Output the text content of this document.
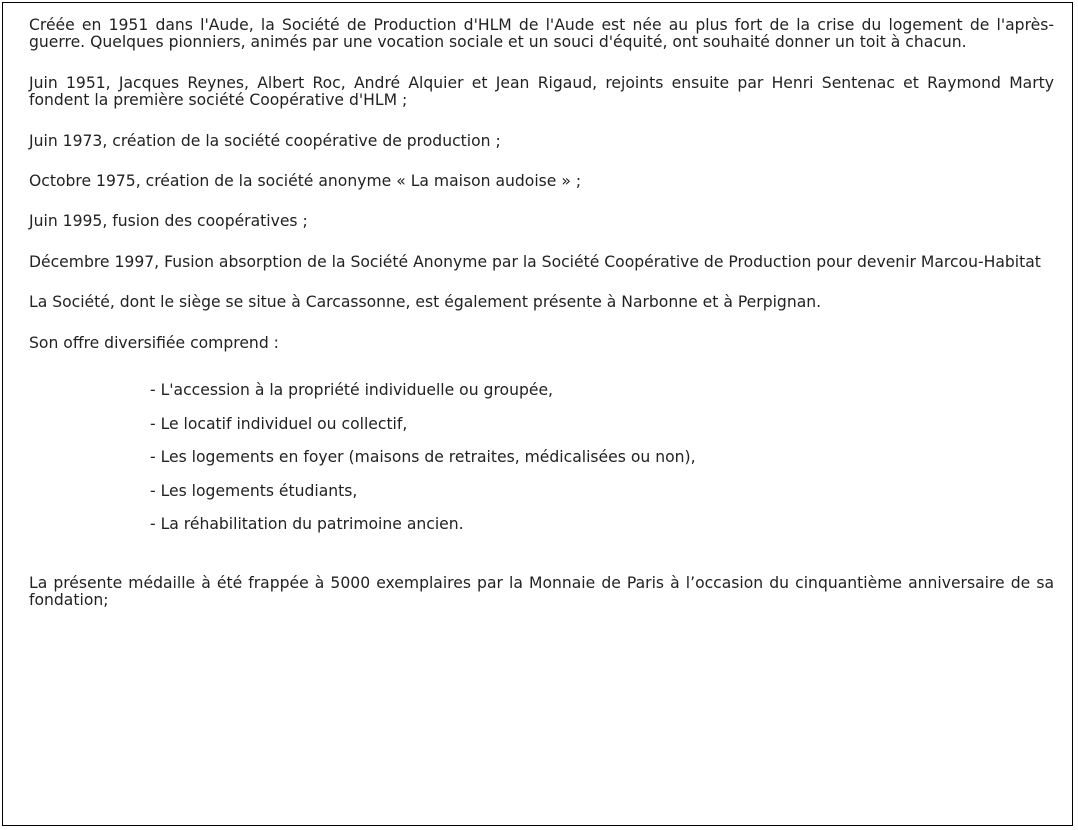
Créée en 1951 dans l'Aude, la Société de Production d'HLM de l'Aude est née au plus fort de la crise du logement de l'après-guerre. Quelques pionniers, animés par une vocation sociale et un souci d'équité, ont souhaité donner un toit à chacun.

Juin 1951, Jacques Reynes, Albert Roc, André Alquier et Jean Rigaud, rejoints ensuite par Henri Sentenac et Raymond Marty fondent la première société Coopérative d'HLM ;

Juin 1973, création de la société coopérative de production ;

Octobre 1975, création de la société anonyme « La maison audoise » ;

Juin 1995, fusion des coopératives ;

Décembre 1997, Fusion absorption de la Société Anonyme par la Société Coopérative de Production pour devenir Marcou-Habitat

La Société, dont le siège se situe à Carcassonne, est également présente à Narbonne et à Perpignan.

Son offre diversifiée comprend :

- L'accession à la propriété individuelle ou groupée,
- Le locatif individuel ou collectif,
- Les logements en foyer (maisons de retraites, médicalisées ou non),
- Les logements étudiants,
- La réhabilitation du patrimoine ancien.

La présente médaille à été frappée à 5000 exemplaires par la Monnaie de Paris à l’occasion du cinquantième anniversaire de sa fondation;
